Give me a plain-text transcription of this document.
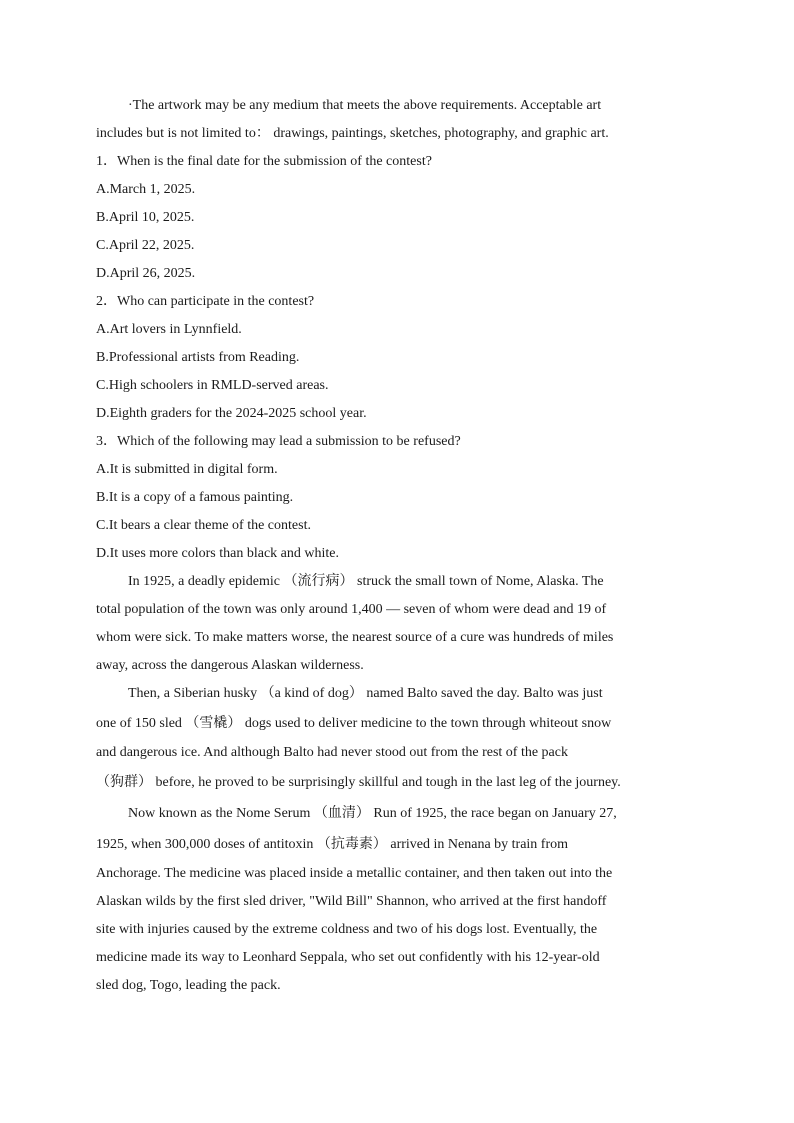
·The artwork may be any medium that meets the above requirements. Acceptable art
includes but is not limited to： drawings, paintings, sketches, photography, and graphic art.
1．When is the final date for the submission of the contest?
A.March 1, 2025.
B.April 10, 2025.
C.April 22, 2025.
D.April 26, 2025.
2．Who can participate in the contest?
A.Art lovers in Lynnfield.
B.Professional artists from Reading.
C.High schoolers in RMLD-served areas.
D.Eighth graders for the 2024-2025 school year.
3．Which of the following may lead a submission to be refused?
A.It is submitted in digital form.
B.It is a copy of a famous painting.
C.It bears a clear theme of the contest.
D.It uses more colors than black and white.
In 1925, a deadly epidemic （流行病） struck the small town of Nome, Alaska. The
total population of the town was only around 1,400 — seven of whom were dead and 19 of
whom were sick. To make matters worse, the nearest source of a cure was hundreds of miles
away, across the dangerous Alaskan wilderness.
Then, a Siberian husky （a kind of dog） named Balto saved the day. Balto was just
one of 150 sled （雪橇） dogs used to deliver medicine to the town through whiteout snow
and dangerous ice. And although Balto had never stood out from the rest of the pack
（狗群） before, he proved to be surprisingly skillful and tough in the last leg of the journey.
Now known as the Nome Serum （血清） Run of 1925, the race began on January 27,
1925, when 300,000 doses of antitoxin （抗毒素） arrived in Nenana by train from
Anchorage. The medicine was placed inside a metallic container, and then taken out into the
Alaskan wilds by the first sled driver, "Wild Bill" Shannon, who arrived at the first handoff
site with injuries caused by the extreme coldness and two of his dogs lost. Eventually, the
medicine made its way to Leonhard Seppala, who set out confidently with his 12-year-old
sled dog, Togo, leading the pack.
